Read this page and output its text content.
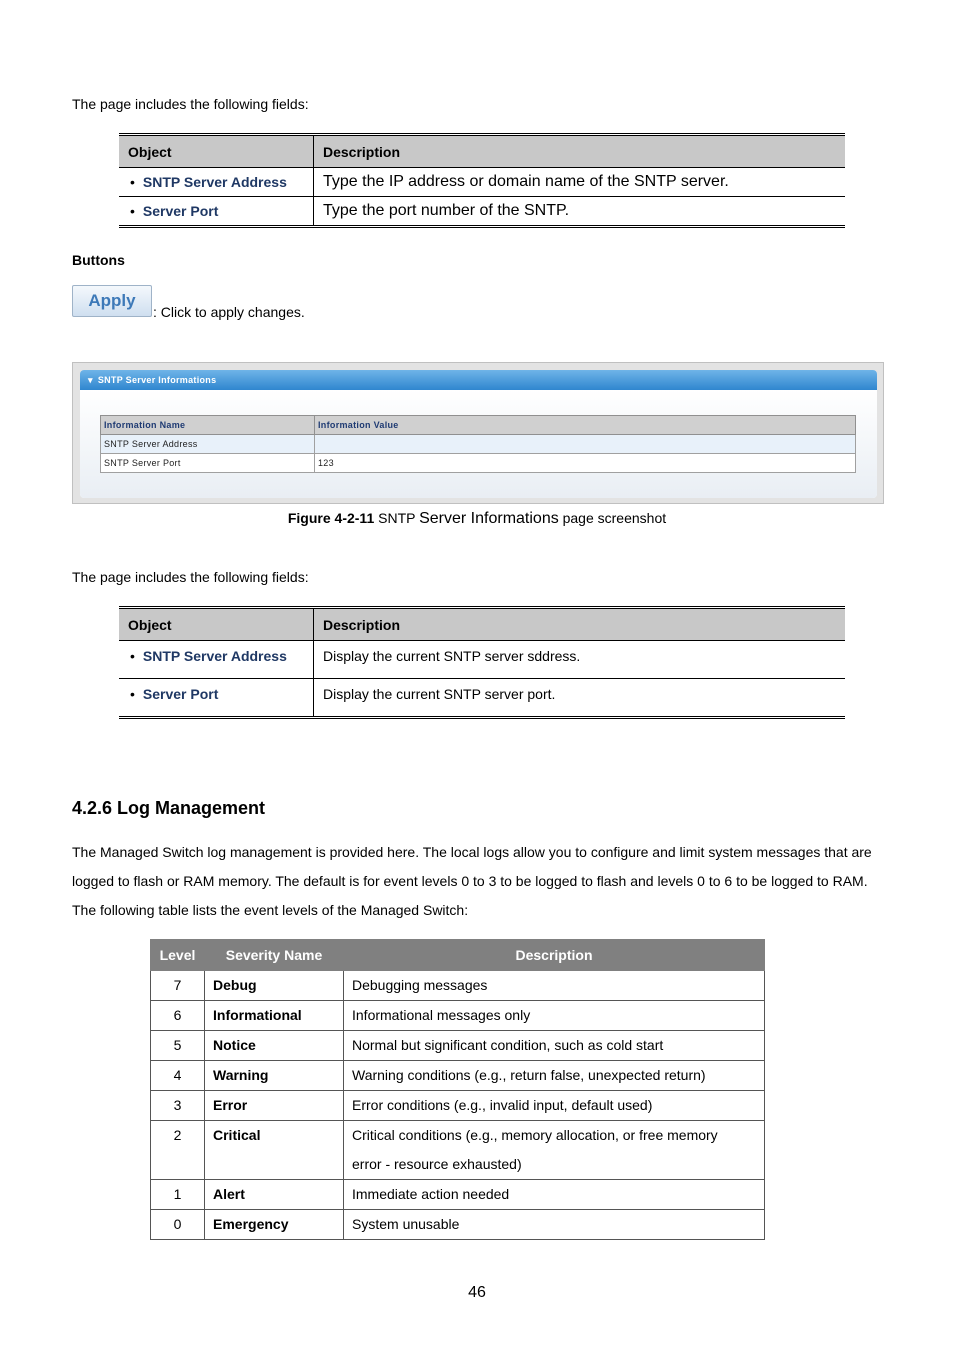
The page includes the following fields:

Object	Description
• SNTP Server Address	Type the IP address or domain name of the SNTP server.
• Server Port	Type the port number of the SNTP.
Buttons
Apply
: Click to apply changes.
▾ SNTP Server Informations
Information Name	Information Value
SNTP Server Address	
SNTP Server Port	123
Figure 4-2-11 SNTP Server Informations page screenshot

The page includes the following fields:

Object	Description
• SNTP Server Address	Display the current SNTP server sddress.
• Server Port	Display the current SNTP server port.
4.2.6 Log Management

The Managed Switch log management is provided here. The local logs allow you to configure and limit system messages that are logged to flash or RAM memory. The default is for event levels 0 to 3 to be logged to flash and levels 0 to 6 to be logged to RAM. The following table lists the event levels of the Managed Switch:

Level	Severity Name	Description
7	Debug	Debugging messages
6	Informational	Informational messages only
5	Notice	Normal but significant condition, such as cold start
4	Warning	Warning conditions (e.g., return false, unexpected return)
3	Error	Error conditions (e.g., invalid input, default used)
2	Critical	Critical conditions (e.g., memory allocation, or free memory error - resource exhausted)
1	Alert	Immediate action needed
0	Emergency	System unusable
46
